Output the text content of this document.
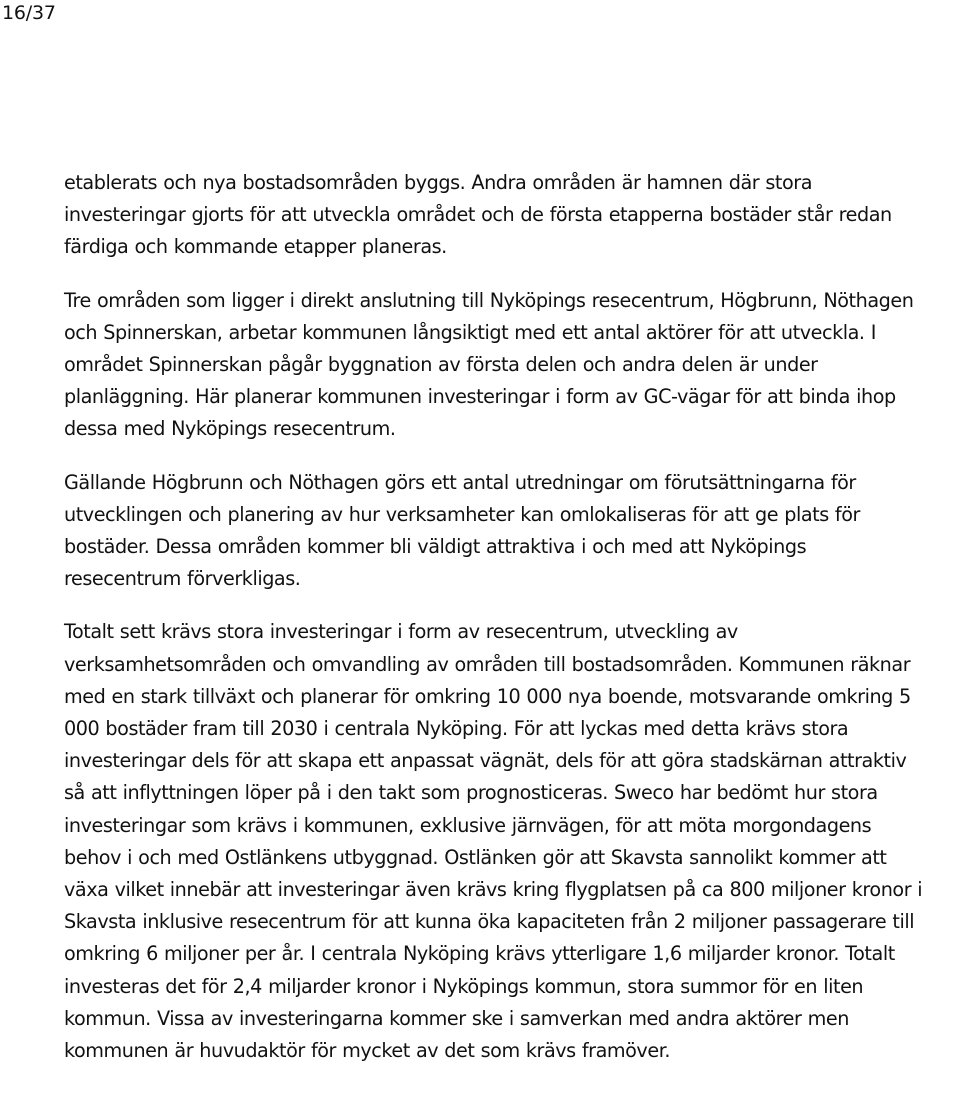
16/37

etablerats och nya bostadsområden byggs. Andra områden är hamnen där stora
investeringar gjorts för att utveckla området och de första etapperna bostäder står redan
färdiga och kommande etapper planeras.

Tre områden som ligger i direkt anslutning till Nyköpings resecentrum, Högbrunn, Nöthagen
och Spinnerskan, arbetar kommunen långsiktigt med ett antal aktörer för att utveckla. I
området Spinnerskan pågår byggnation av första delen och andra delen är under
planläggning. Här planerar kommunen investeringar i form av GC-vägar för att binda ihop
dessa med Nyköpings resecentrum.

Gällande Högbrunn och Nöthagen görs ett antal utredningar om förutsättningarna för
utvecklingen och planering av hur verksamheter kan omlokaliseras för att ge plats för
bostäder. Dessa områden kommer bli väldigt attraktiva i och med att Nyköpings
resecentrum förverkligas.

Totalt sett krävs stora investeringar i form av resecentrum, utveckling av
verksamhetsområden och omvandling av områden till bostadsområden. Kommunen räknar
med en stark tillväxt och planerar för omkring 10 000 nya boende, motsvarande omkring 5
000 bostäder fram till 2030 i centrala Nyköping. För att lyckas med detta krävs stora
investeringar dels för att skapa ett anpassat vägnät, dels för att göra stadskärnan attraktiv
så att inflyttningen löper på i den takt som prognosticeras. Sweco har bedömt hur stora
investeringar som krävs i kommunen, exklusive järnvägen, för att möta morgondagens
behov i och med Ostlänkens utbyggnad. Ostlänken gör att Skavsta sannolikt kommer att
växa vilket innebär att investeringar även krävs kring flygplatsen på ca 800 miljoner kronor i
Skavsta inklusive resecentrum för att kunna öka kapaciteten från 2 miljoner passagerare till
omkring 6 miljoner per år. I centrala Nyköping krävs ytterligare 1,6 miljarder kronor. Totalt
investeras det för 2,4 miljarder kronor i Nyköpings kommun, stora summor för en liten
kommun. Vissa av investeringarna kommer ske i samverkan med andra aktörer men
kommunen är huvudaktör för mycket av det som krävs framöver.
